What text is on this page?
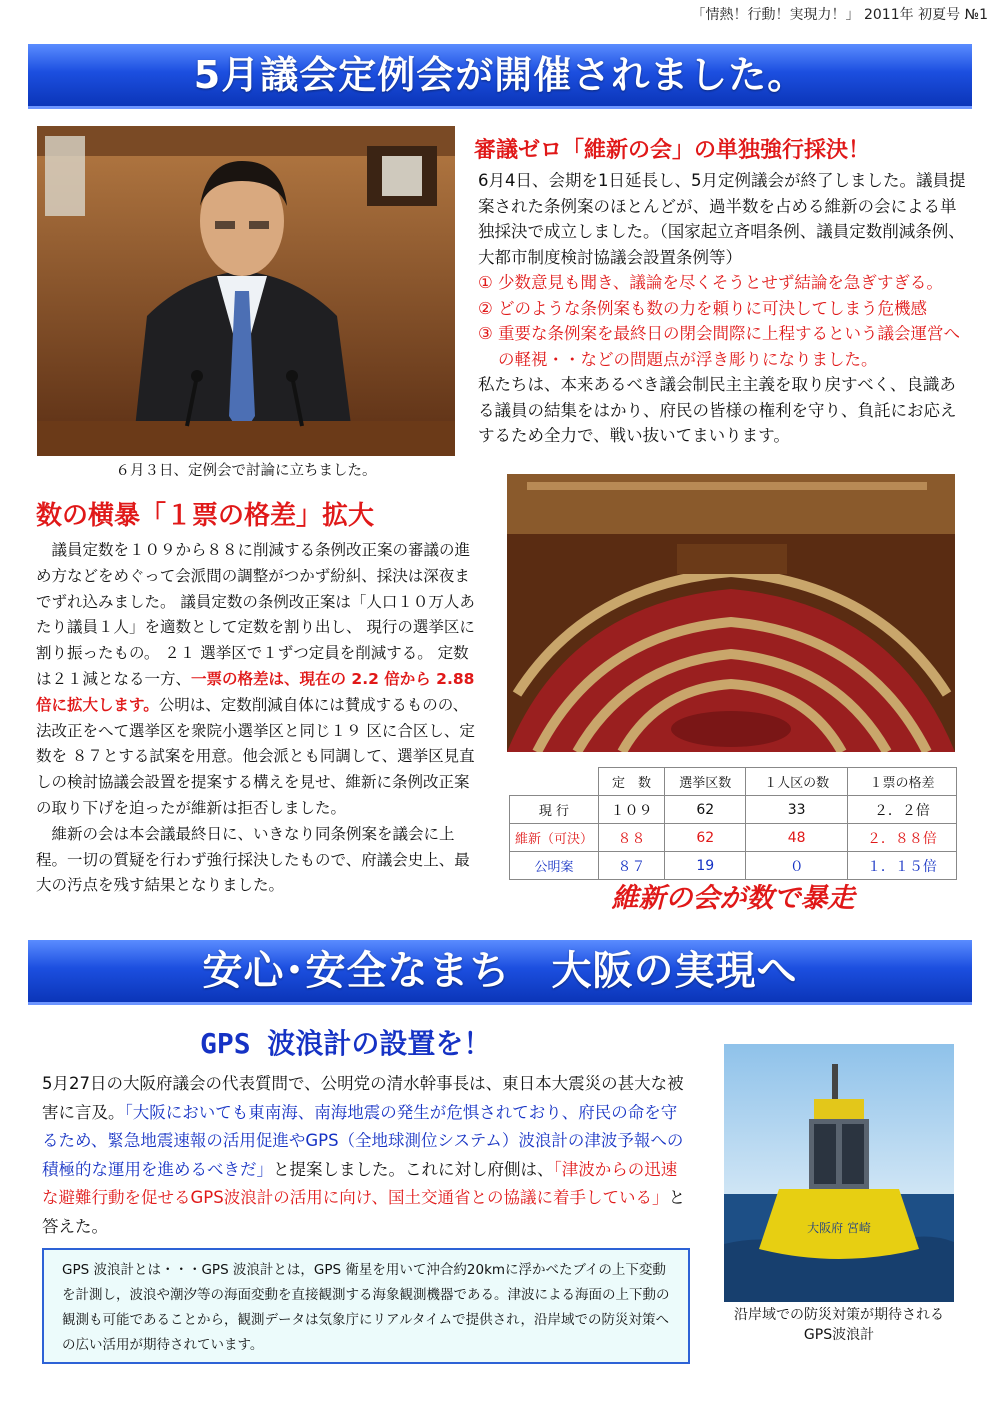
「情熱！行動！実現力！」 2011年 初夏号 №1
5月議会定例会が開催されました。
６月３日、定例会で討論に立ちました。
審議ゼロ「維新の会」の単独強行採決！
6月4日、会期を1日延長し、5月定例議会が終了しました。議員提案された条例案のほとんどが、過半数を占める維新の会による単独採決で成立しました。（国家起立斉唱条例、議員定数削減条例、大都市制度検討協議会設置条例等）
① 少数意見も聞き、議論を尽くそうとせず結論を急ぎすぎる。
② どのような条例案も数の力を頼りに可決してしまう危機感
③ 重要な条例案を最終日の閉会間際に上程するという議会運営への軽視・・などの問題点が浮き彫りになりました。
私たちは、本来あるべき議会制民主主義を取り戻すべく、良識ある議員の結集をはかり、府民の皆様の権利を守り、負託にお応えするため全力で、戦い抜いてまいります。
数の横暴「１票の格差」拡大
　議員定数を１０９から８８に削減する条例改正案の審議の進め方などをめぐって会派間の調整がつかず紛糾、採決は深夜までずれ込みました。 議員定数の条例改正案は「人口１０万人あたり議員１人」を適数として定数を割り出し、 現行の選挙区に割り振ったもの。 ２１ 選挙区で１ずつ定員を削減する。 定数は２１減となる一方、一票の格差は、現在の 2.2 倍から 2.88 倍に拡大します。公明は、定数削減自体には賛成するものの、法改正をへて選挙区を衆院小選挙区と同じ１９ 区に合区し、定数を ８７とする試案を用意。他会派とも同調して、選挙区見直しの検討協議会設置を提案する構えを見せ、維新に条例改正案の取り下げを迫ったが維新は拒否しました。
　維新の会は本会議最終日に、いきなり同条例案を議会に上程。一切の質疑を行わず強行採決したもので、府議会史上、最大の汚点を残す結果となりました。
	定　数	選挙区数	１人区の数	１票の格差
現 行	１０９	62	33	２．２倍
維新（可決）	８８	62	48	２．８８倍
公明案	８７	19	０	１．１５倍
維新の会が数で暴走
安心･安全なまち　大阪の実現へ
GPS 波浪計の設置を！
5月27日の大阪府議会の代表質問で、公明党の清水幹事長は、東日本大震災の甚大な被害に言及。「大阪においても東南海、南海地震の発生が危惧されており、府民の命を守るため、緊急地震速報の活用促進やGPS（全地球測位システム）波浪計の津波予報への積極的な運用を進めるべきだ」と提案しました。これに対し府側は、「津波からの迅速な避難行動を促せるGPS波浪計の活用に向け、国土交通省との協議に着手している」と答えた。
GPS 波浪計とは・・・GPS 波浪計とは，GPS 衛星を用いて沖合約20kmに浮かべたブイの上下変動を計測し，波浪や潮汐等の海面変動を直接観測する海象観測機器である。津波による海面の上下動の観測も可能であることから，観測データは気象庁にリアルタイムで提供され，沿岸域での防災対策への広い活用が期待されています。
大阪府 宮崎
沿岸域での防災対策が期待される
GPS波浪計
